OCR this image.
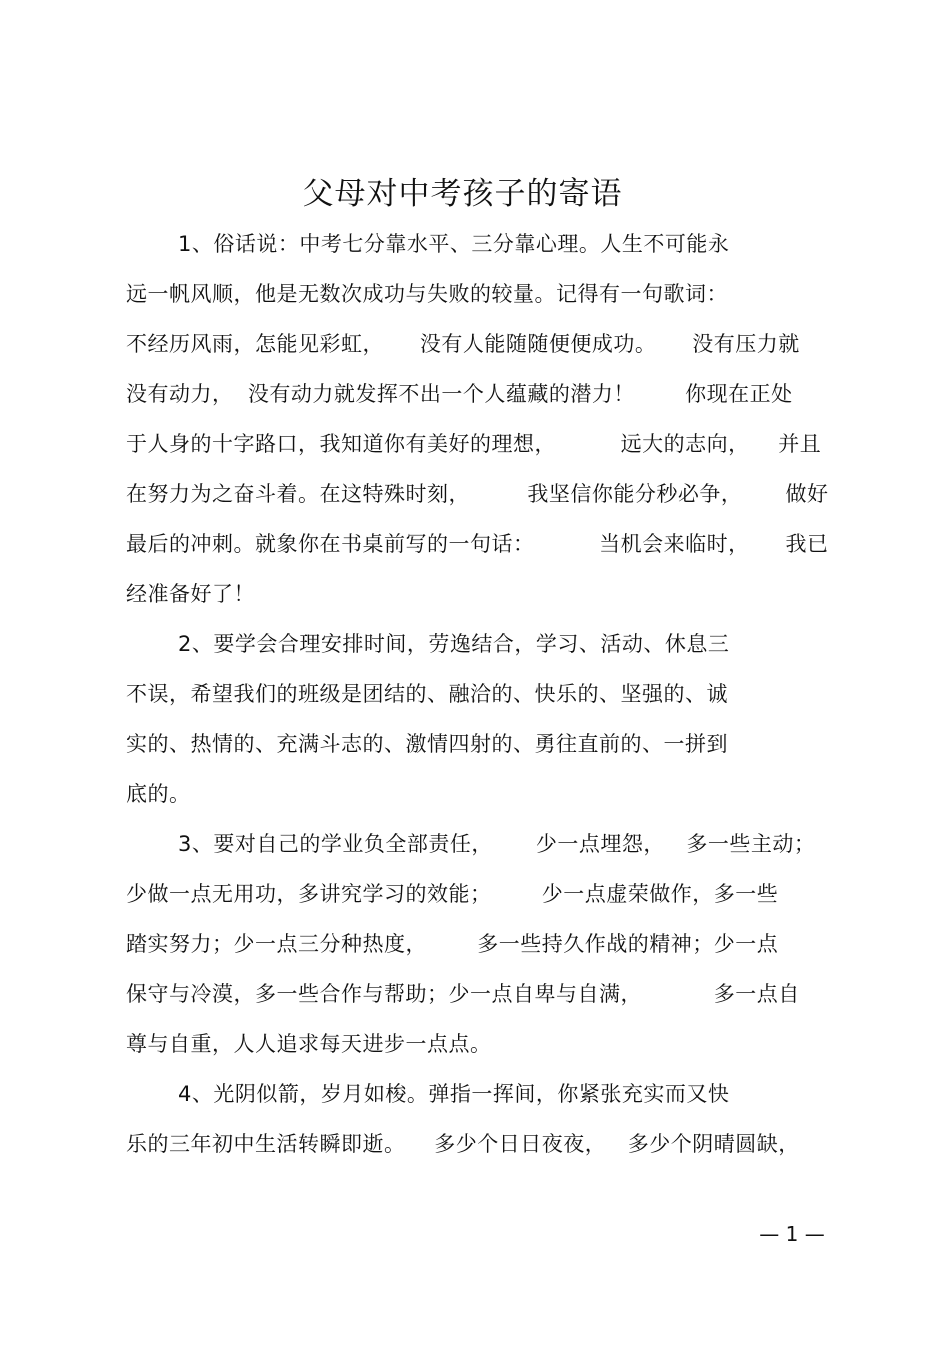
父母对中考孩子的寄语
1、俗话说：中考七分靠水平、三分靠心理。人生不可能永
远一帆风顺，他是无数次成功与失败的较量。记得有一句歌词：
不经历风雨，怎能见彩虹，     没有人能随随便便成功。     没有压力就
没有动力，  没有动力就发挥不出一个人蕴藏的潜力！       你现在正处
于人身的十字路口，我知道你有美好的理想，         远大的志向，    并且
在努力为之奋斗着。在这特殊时刻，        我坚信你能分秒必争，      做好
最后的冲刺。就象你在书桌前写的一句话：         当机会来临时，     我已
经准备好了！
2、要学会合理安排时间，劳逸结合，学习、活动、休息三
不误，希望我们的班级是团结的、融洽的、快乐的、坚强的、诚
实的、热情的、充满斗志的、激情四射的、勇往直前的、一拼到
底的。
3、要对自己的学业负全部责任，      少一点埋怨，   多一些主动；
少做一点无用功，多讲究学习的效能；       少一点虚荣做作，多一些
踏实努力；少一点三分种热度，       多一些持久作战的精神；少一点
保守与冷漠，多一些合作与帮助；少一点自卑与自满，          多一点自
尊与自重，人人追求每天进步一点点。
4、光阴似箭，岁月如梭。弹指一挥间，你紧张充实而又快
乐的三年初中生活转瞬即逝。    多少个日日夜夜，   多少个阴晴圆缺，
— 1 —
